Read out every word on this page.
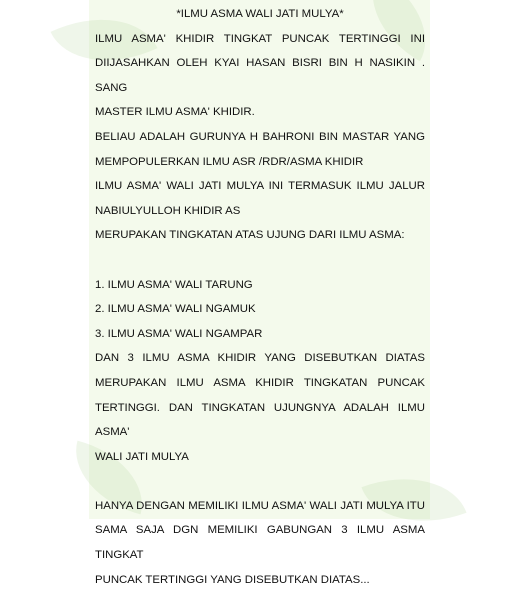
*ILMU ASMA WALI JATI MULYA*
ILMU ASMA' KHIDIR TINGKAT PUNCAK TERTINGGI INI
DIIJASAHKAN OLEH KYAI HASAN BISRI BIN H NASIKIN . SANG
MASTER ILMU ASMA' KHIDIR.
BELIAU ADALAH GURUNYA H BAHRONI BIN MASTAR YANG
MEMPOPULERKAN ILMU ASR /RDR/ASMA KHIDIR
ILMU ASMA' WALI JATI MULYA INI TERMASUK ILMU JALUR
NABIULYULLOH KHIDIR AS
MERUPAKAN TINGKATAN ATAS UJUNG DARI ILMU ASMA:
1. ILMU ASMA' WALI TARUNG
2. ILMU ASMA' WALI NGAMUK
3. ILMU ASMA' WALI NGAMPAR
DAN 3 ILMU ASMA KHIDIR YANG DISEBUTKAN DIATAS
MERUPAKAN ILMU ASMA KHIDIR TINGKATAN PUNCAK
TERTINGGI. DAN TINGKATAN UJUNGNYA ADALAH ILMU ASMA'
WALI JATI MULYA
HANYA DENGAN MEMILIKI ILMU ASMA' WALI JATI MULYA ITU
SAMA SAJA DGN MEMILIKI GABUNGAN 3 ILMU ASMA TINGKAT
PUNCAK TERTINGGI YANG DISEBUTKAN DIATAS...
